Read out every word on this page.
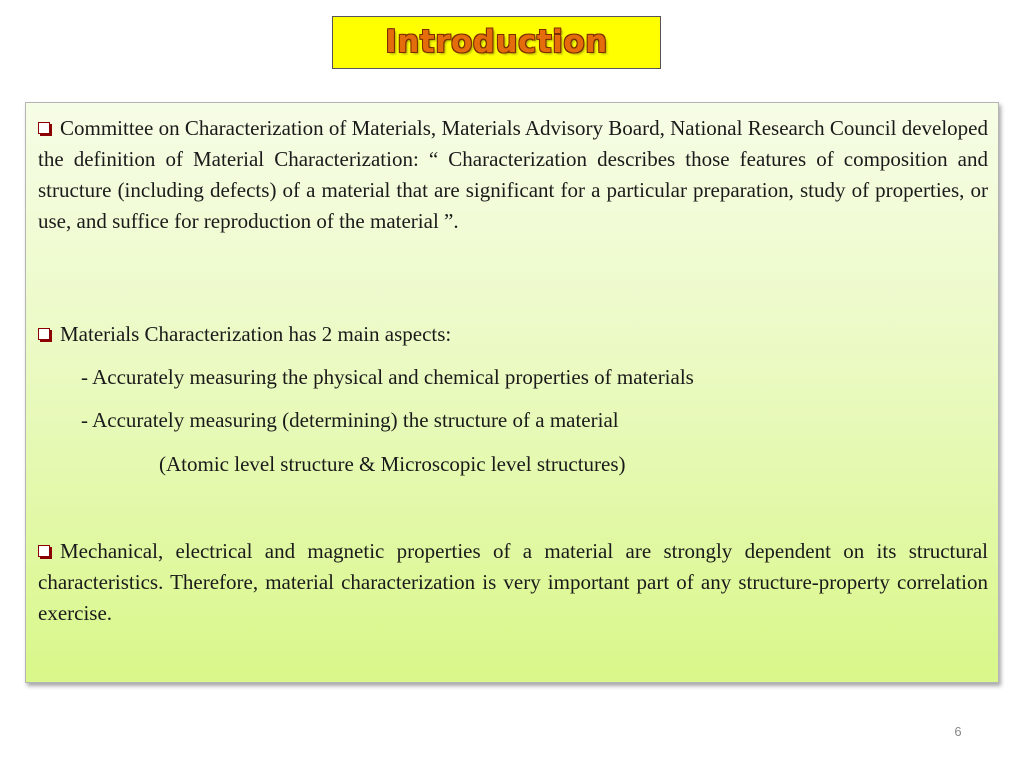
Introduction
Committee on Characterization of Materials, Materials Advisory Board, National Research Council developed the definition of Material Characterization: “ Characterization describes those features of composition and structure (including defects) of a material that are significant for a particular preparation, study of properties, or use, and suffice for reproduction of the material ”.
Materials Characterization has 2 main aspects:
- Accurately measuring the physical and chemical properties of materials
- Accurately measuring (determining) the structure of a material
(Atomic level structure & Microscopic level structures)
Mechanical, electrical and magnetic properties of a material are strongly dependent on its structural characteristics. Therefore, material characterization is very important part of any structure-property correlation exercise.
6
